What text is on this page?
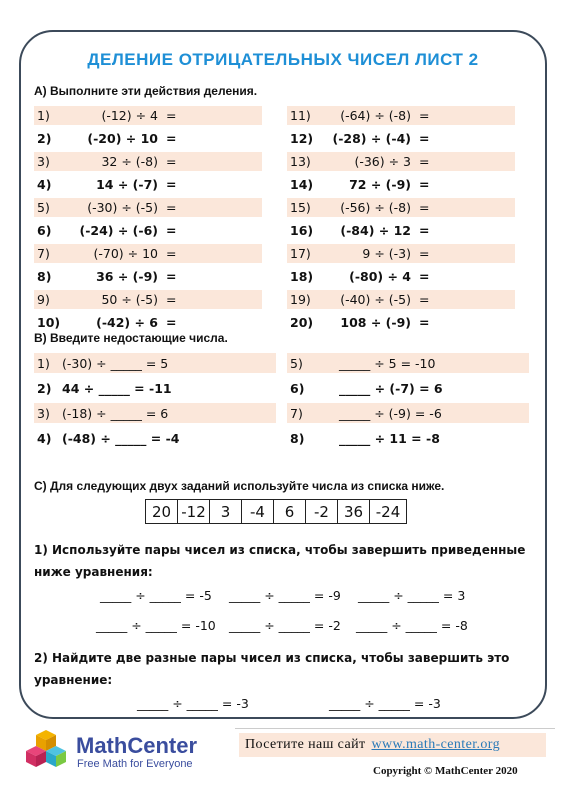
ДЕЛЕНИЕ ОТРИЦАТЕЛЬНЫХ ЧИСЕЛ ЛИСТ 2
A) Выполните эти действия деления.
1)	(-12) ÷ 4 =
2)	(-20) ÷ 10 =
3)	32 ÷ (-8) =
4)	14 ÷ (-7) =
5)	(-30) ÷ (-5) =
6)	(-24) ÷ (-6) =
7)	(-70) ÷ 10 =
8)	36 ÷ (-9) =
9)	50 ÷ (-5) =
10)	(-42) ÷ 6 =
11)	(-64) ÷ (-8) =
12)	(-28) ÷ (-4) =
13)	(-36) ÷ 3 =
14)	72 ÷ (-9) =
15)	(-56) ÷ (-8) =
16)	(-84) ÷ 12 =
17)	9 ÷ (-3) =
18)	(-80) ÷ 4 =
19)	(-40) ÷ (-5) =
20)	108 ÷ (-9) =
B) Введите недостающие числа.
1) (-30) ÷ _____ = 5
2) 44 ÷ _____ = -11
3) (-18) ÷ _____ = 6
4) (-48) ÷ _____ = -4
5)	_____ ÷ 5 = -10
6)	_____ ÷ (-7) = 6
7)	_____ ÷ (-9) = -6
8)	_____ ÷ 11 = -8
C) Для следующих двух заданий используйте числа из списка ниже.
20 -12 3	-4	6	-2 36 -24
1) Используйте пары чисел из списка, чтобы завершить приведенные ниже уравнения:
_____ ÷ _____ = -5 _____ ÷ _____ = -9 _____ ÷ _____ = 3
_____ ÷ _____ = -10 _____ ÷ _____ = -2 _____ ÷ _____ = -8
2) Найдите две разные пары чисел из списка, чтобы завершить это уравнение:
_____ ÷ _____ = -3	_____ ÷ _____ = -3
MathCenter
Free Math for Everyone
Посетите наш сайт www.math-center.org
Copyright © MathCenter 2020
